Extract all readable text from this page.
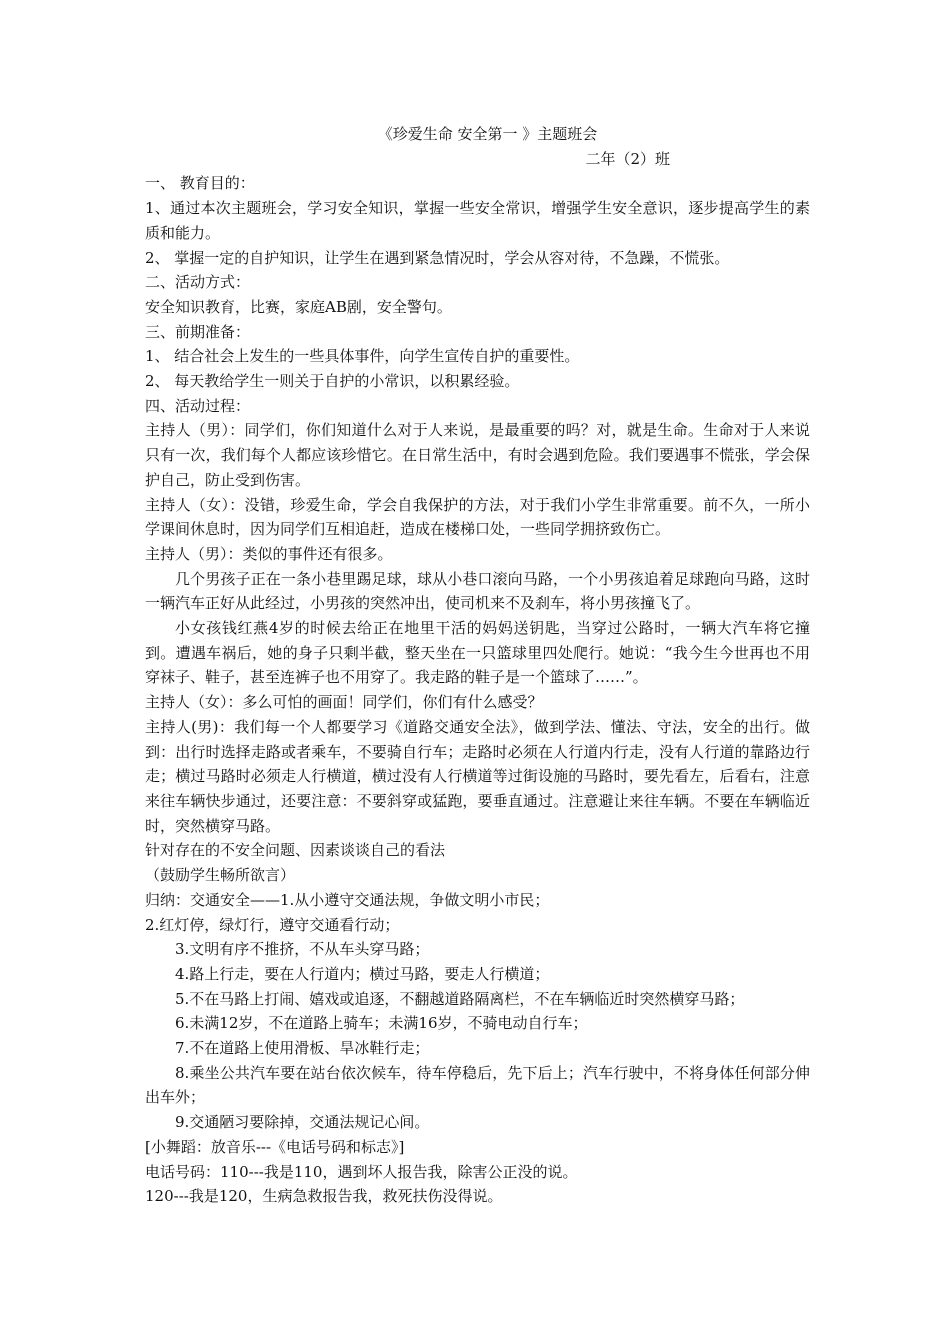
《珍爱生命 安全第一 》主题班会

二年（2）班

一、 教育目的：

1、通过本次主题班会，学习安全知识，掌握一些安全常识，增强学生安全意识，逐步提高学生的素质和能力。

2、 掌握一定的自护知识，让学生在遇到紧急情况时，学会从容对待，不急躁，不慌张。

二、活动方式：

安全知识教育，比赛，家庭AB剧，安全警句。

三、前期准备：

1、 结合社会上发生的一些具体事件，向学生宣传自护的重要性。

2、 每天教给学生一则关于自护的小常识，以积累经验。

四、活动过程：

主持人（男）：同学们，你们知道什么对于人来说，是最重要的吗？对，就是生命。生命对于人来说只有一次，我们每个人都应该珍惜它。在日常生活中，有时会遇到危险。我们要遇事不慌张，学会保护自己，防止受到伤害。

主持人（女）：没错，珍爱生命，学会自我保护的方法，对于我们小学生非常重要。前不久，一所小学课间休息时，因为同学们互相追赶，造成在楼梯口处，一些同学拥挤致伤亡。

主持人（男）：类似的事件还有很多。

几个男孩子正在一条小巷里踢足球，球从小巷口滚向马路，一个小男孩追着足球跑向马路，这时一辆汽车正好从此经过，小男孩的突然冲出，使司机来不及刹车，将小男孩撞飞了。

小女孩钱红燕4岁的时候去给正在地里干活的妈妈送钥匙，当穿过公路时，一辆大汽车将它撞到。遭遇车祸后，她的身子只剩半截，整天坐在一只篮球里四处爬行。她说：“我今生今世再也不用穿袜子、鞋子，甚至连裤子也不用穿了。我走路的鞋子是一个篮球了……”。

主持人（女）：多么可怕的画面！同学们，你们有什么感受？

主持人(男)：我们每一个人都要学习《道路交通安全法》，做到学法、懂法、守法，安全的出行。做到：出行时选择走路或者乘车，不要骑自行车；走路时必须在人行道内行走，没有人行道的靠路边行走；横过马路时必须走人行横道，横过没有人行横道等过街设施的马路时，要先看左，后看右，注意来往车辆快步通过，还要注意：不要斜穿或猛跑，要垂直通过。注意避让来往车辆。不要在车辆临近时，突然横穿马路。

针对存在的不安全问题、因素谈谈自己的看法

（鼓励学生畅所欲言）

归纳：交通安全——1.从小遵守交通法规，争做文明小市民；

2.红灯停，绿灯行，遵守交通看行动；

3.文明有序不推挤，不从车头穿马路；

4.路上行走，要在人行道内；横过马路，要走人行横道；

5.不在马路上打闹、嬉戏或追逐，不翻越道路隔离栏，不在车辆临近时突然横穿马路；

6.未满12岁，不在道路上骑车；未满16岁，不骑电动自行车；

7.不在道路上使用滑板、旱冰鞋行走；

8.乘坐公共汽车要在站台依次候车，待车停稳后，先下后上；汽车行驶中，不将身体任何部分伸出车外；

9.交通陋习要除掉，交通法规记心间。

[小舞蹈：放音乐---《电话号码和标志》]

电话号码：110---我是110，遇到坏人报告我，除害公正没的说。

120---我是120，生病急救报告我，救死扶伤没得说。
